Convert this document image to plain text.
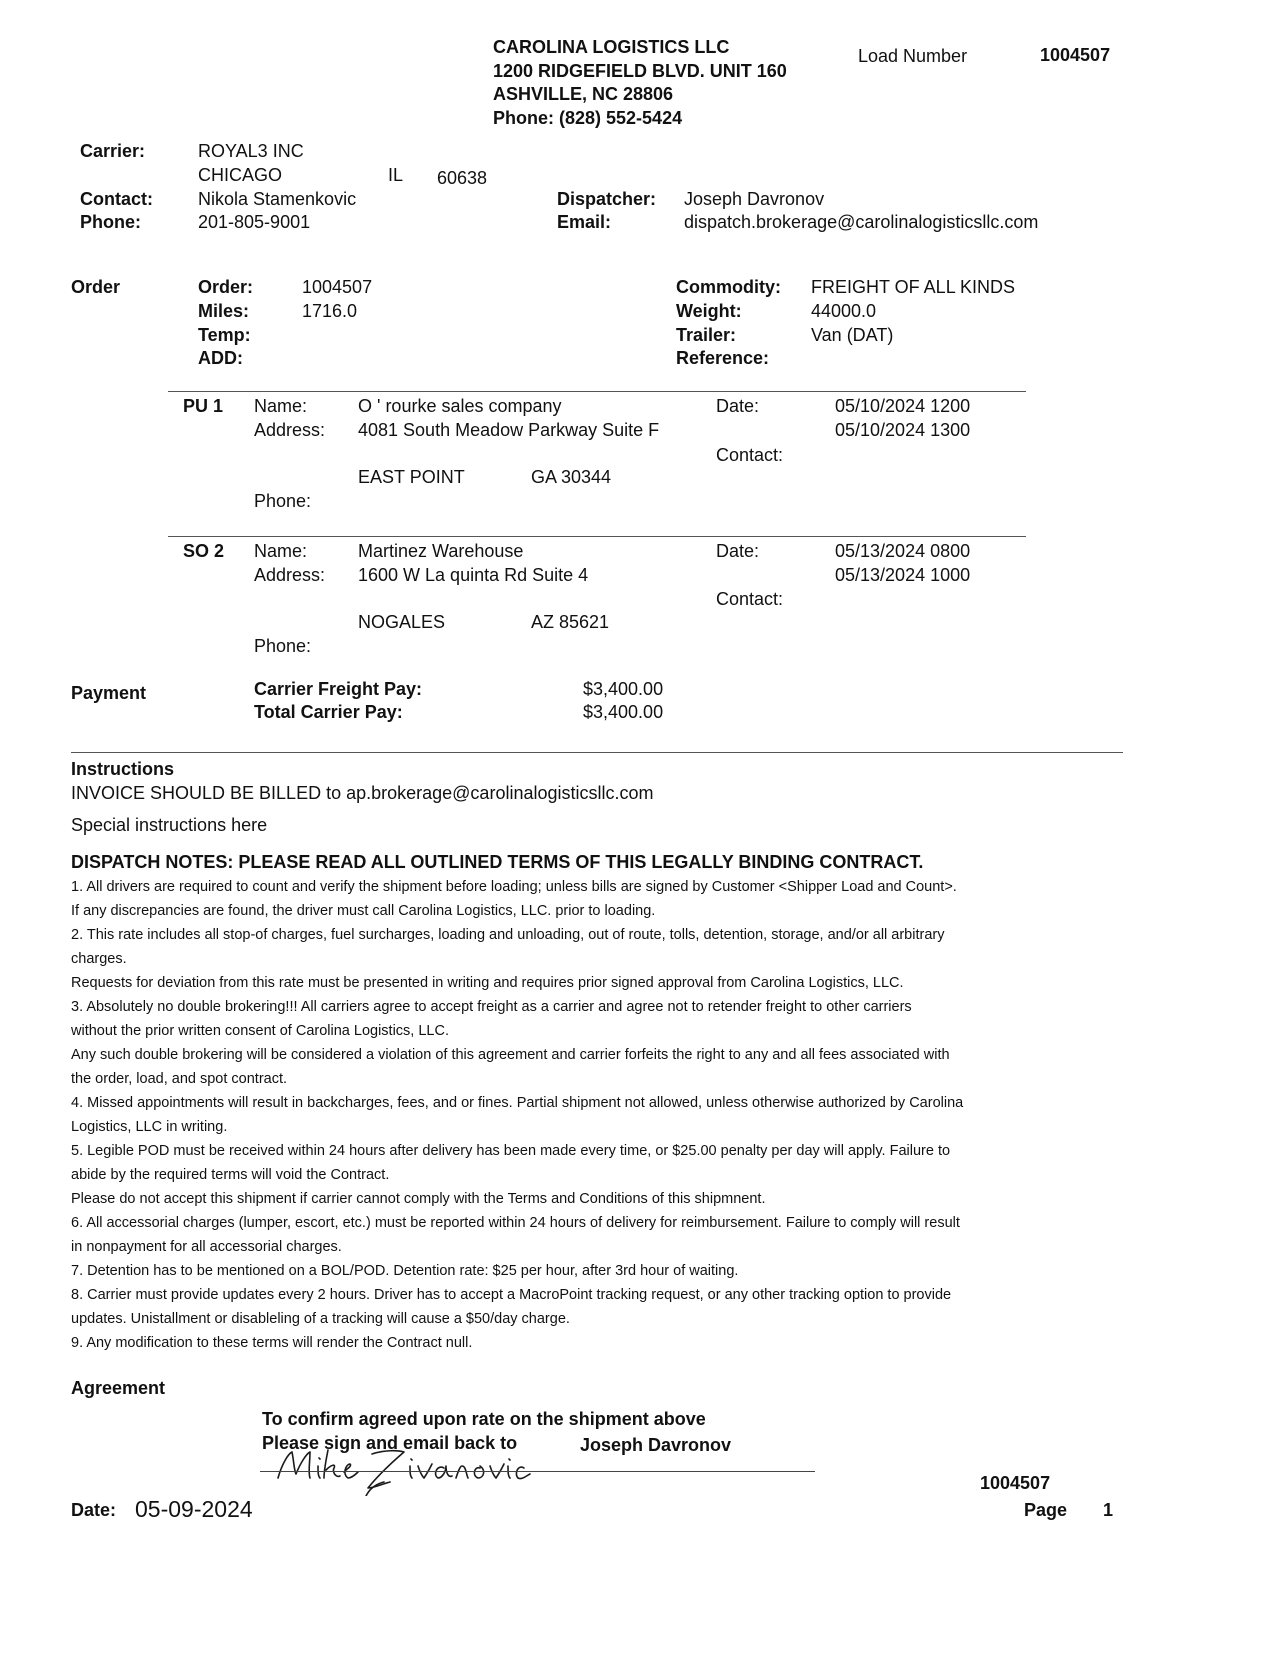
CAROLINA LOGISTICS LLC
1200 RIDGEFIELD BLVD. UNIT 160
ASHVILLE, NC 28806
Phone: (828) 552-5424
Load Number	1004507
Carrier:	ROYAL3 INC
CHICAGO	IL 60638
Contact:	Nikola Stamenkovic
Phone:	201-805-9001
Dispatcher: Joseph Davronov
Email:	dispatch.brokerage@carolinalogisticsllc.com
Order	Order:	1004507
Miles:	1716.0
Temp:
ADD:
Commodity: FREIGHT OF ALL KINDS
Weight:	44000.0
Trailer:	Van (DAT)
Reference:
PU 1 Name:	O ' rourke sales company
Address: 4081 South Meadow Parkway Suite F
EAST POINT	GA 30344
Phone:
Date:	05/10/2024 1200
05/10/2024 1300
Contact:
SO 2 Name:	Martinez Warehouse
Address: 1600 W La quinta Rd Suite 4
NOGALES	AZ 85621
Phone:
Date:	05/13/2024 0800
05/13/2024 1000
Contact:
Payment	Carrier Freight Pay:	$3,400.00
Total Carrier Pay:	$3,400.00
Instructions
INVOICE SHOULD BE BILLED to ap.brokerage@carolinalogisticsllc.com
Special instructions here
DISPATCH NOTES: PLEASE READ ALL OUTLINED TERMS OF THIS LEGALLY BINDING CONTRACT.
1. All drivers are required to count and verify the shipment before loading; unless bills are signed by Customer <Shipper Load and Count>.
If any discrepancies are found, the driver must call Carolina Logistics, LLC. prior to loading.
2. This rate includes all stop-of charges, fuel surcharges, loading and unloading, out of route, tolls, detention, storage, and/or all arbitrary
charges.
Requests for deviation from this rate must be presented in writing and requires prior signed approval from Carolina Logistics, LLC.
3. Absolutely no double brokering!!! All carriers agree to accept freight as a carrier and agree not to retender freight to other carriers
without the prior written consent of Carolina Logistics, LLC.
Any such double brokering will be considered a violation of this agreement and carrier forfeits the right to any and all fees associated with
the order, load, and spot contract.
4. Missed appointments will result in backcharges, fees, and or fines. Partial shipment not allowed, unless otherwise authorized by Carolina
Logistics, LLC in writing.
5. Legible POD must be received within 24 hours after delivery has been made every time, or $25.00 penalty per day will apply. Failure to
abide by the required terms will void the Contract.
Please do not accept this shipment if carrier cannot comply with the Terms and Conditions of this shipmnent.
6. All accessorial charges (lumper, escort, etc.) must be reported within 24 hours of delivery for reimbursement. Failure to comply will result
in nonpayment for all accessorial charges.
7. Detention has to be mentioned on a BOL/POD. Detention rate: $25 per hour, after 3rd hour of waiting.
8. Carrier must provide updates every 2 hours. Driver has to accept a MacroPoint tracking request, or any other tracking option to provide
updates. Unistallment or disableling of a tracking will cause a $50/day charge.
9. Any modification to these terms will render the Contract null.
Agreement
To confirm agreed upon rate on the shipment above
Please sign and email back to	Joseph Davronov
Date: 05-09-2024
1004507
Page 1
